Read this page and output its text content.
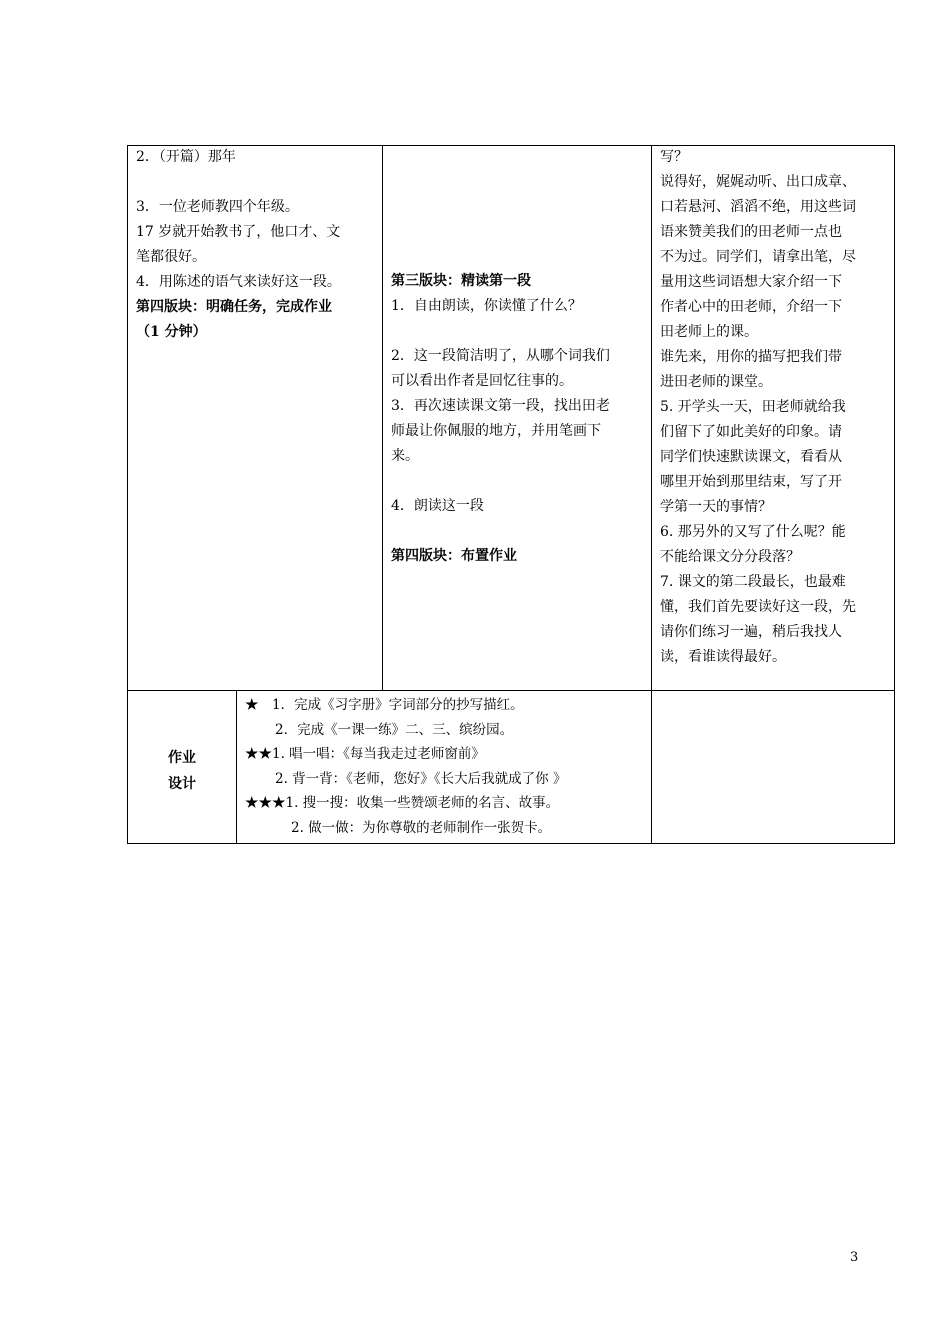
2．（开篇）那年

3．一位老师教四个年级。

17 岁就开始教书了，他口才、文

笔都很好。

4．用陈述的语气来读好这一段。

第四版块：明确任务，完成作业

（1 分钟）

第三版块：精读第一段

1．自由朗读，你读懂了什么？

2．这一段简洁明了，从哪个词我们

可以看出作者是回忆往事的。

3．再次速读课文第一段，找出田老

师最让你佩服的地方，并用笔画下

来。

4．朗读这一段

第四版块：布置作业

写？

说得好，娓娓动听、出口成章、

口若悬河、滔滔不绝，用这些词

语来赞美我们的田老师一点也

不为过。同学们，请拿出笔，尽

量用这些词语想大家介绍一下

作者心中的田老师，介绍一下

田老师上的课。

谁先来，用你的描写把我们带

进田老师的课堂。

5. 开学头一天，田老师就给我

们留下了如此美好的印象。请

同学们快速默读课文，看看从

哪里开始到那里结束，写了开

学第一天的事情？

6. 那另外的又写了什么呢？能

不能给课文分分段落？

7. 课文的第二段最长，也最难

懂，我们首先要读好这一段，先

请你们练习一遍，稍后我找人

读，看谁读得最好。

作业
设计

★　1．完成《习字册》字词部分的抄写描红。

2．完成《一课一练》二、三、缤纷园。

★★1. 唱一唱：《每当我走过老师窗前》

2. 背一背：《老师，您好》《长大后我就成了你 》

★★★1. 搜一搜：收集一些赞颂老师的名言、故事。

2. 做一做：为你尊敬的老师制作一张贺卡。

3
